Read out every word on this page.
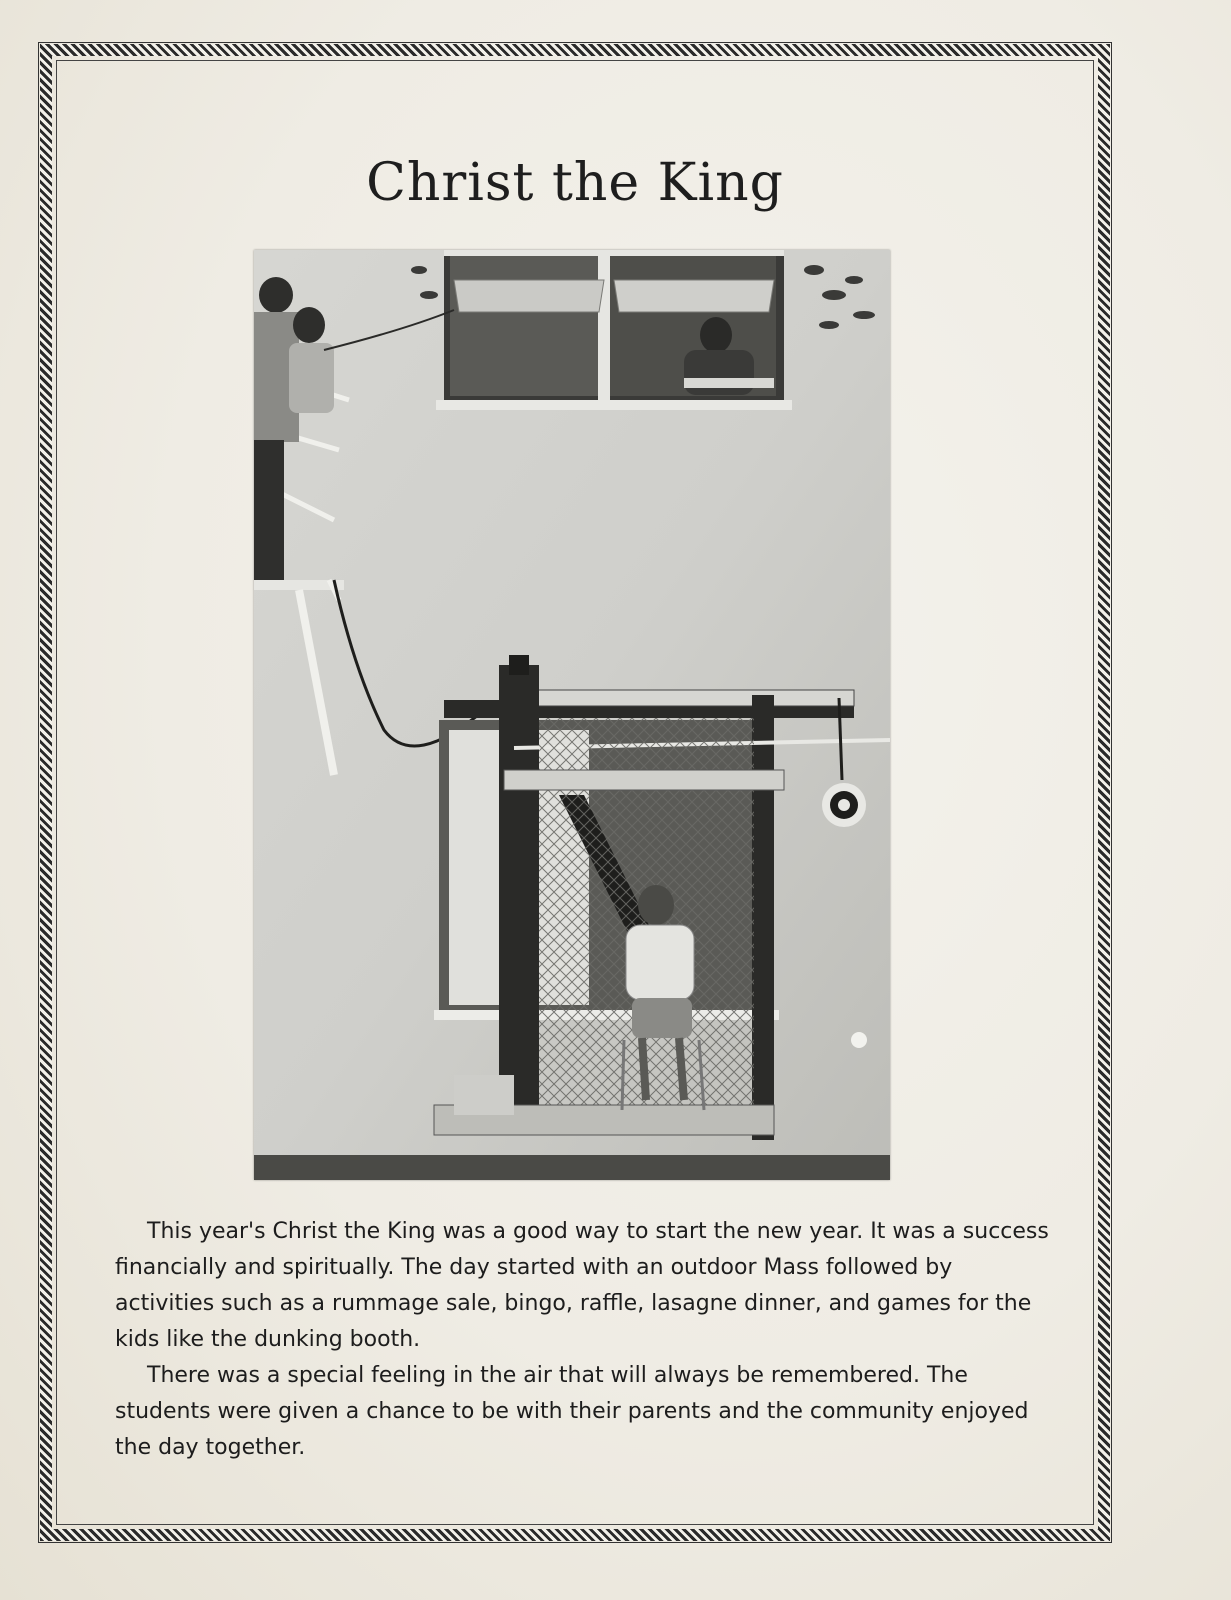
Christ the King

This year's Christ the King was a good way to start the new year. It was a success financially and spiritually. The day started with an outdoor Mass followed by activities such as a rummage sale, bingo, raffle, lasagne dinner, and games for the kids like the dunking booth.

There was a special feeling in the air that will always be remembered. The students were given a chance to be with their parents and the community enjoyed the day together.
